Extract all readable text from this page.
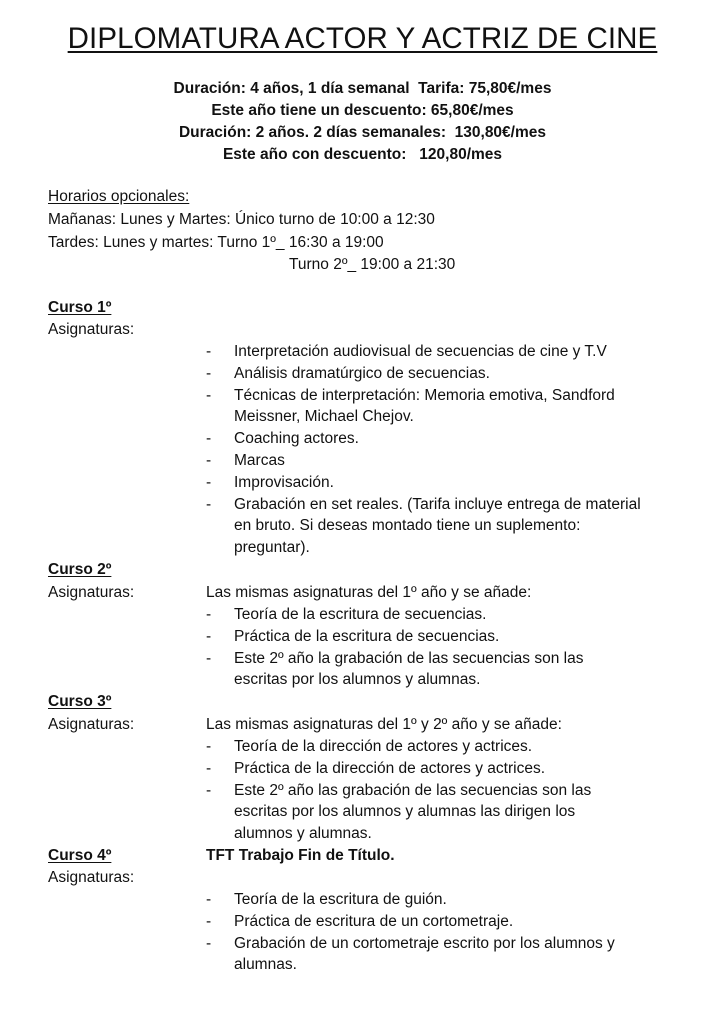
DIPLOMATURA ACTOR Y ACTRIZ DE CINE
Duración: 4 años, 1 día semanal  Tarifa: 75,80€/mes
Este año tiene un descuento: 65,80€/mes
Duración: 2 años. 2 días semanales:  130,80€/mes
Este año con descuento:   120,80/mes
Horarios opcionales:
Mañanas: Lunes y Martes: Único turno de 10:00 a 12:30
Tardes: Lunes y martes: Turno 1º_ 16:30 a 19:00
Turno 2º_ 19:00 a 21:30
Curso 1º
Asignaturas:
- Interpretación audiovisual de secuencias de cine y T.V
- Análisis dramatúrgico de secuencias.
- Técnicas de interpretación: Memoria emotiva, Sandford
Meissner, Michael Chejov.
- Coaching actores.
- Marcas
- Improvisación.
- Grabación en set reales. (Tarifa incluye entrega de material
en bruto. Si deseas montado tiene un suplemento:
preguntar).
Curso 2º
Asignaturas:	Las mismas asignaturas del 1º año y se añade:
- Teoría de la escritura de secuencias.
- Práctica de la escritura de secuencias.
- Este 2º año la grabación de las secuencias son las
escritas por los alumnos y alumnas.
Curso 3º
Asignaturas:	Las mismas asignaturas del 1º y 2º año y se añade:
- Teoría de la dirección de actores y actrices.
- Práctica de la dirección de actores y actrices.
- Este 2º año las grabación de las secuencias son las
escritas por los alumnos y alumnas las dirigen los
alumnos y alumnas.
Curso 4º	TFT Trabajo Fin de Título.
Asignaturas:
- Teoría de la escritura de guión.
- Práctica de escritura de un cortometraje.
- Grabación de un cortometraje escrito por los alumnos y
alumnas.
